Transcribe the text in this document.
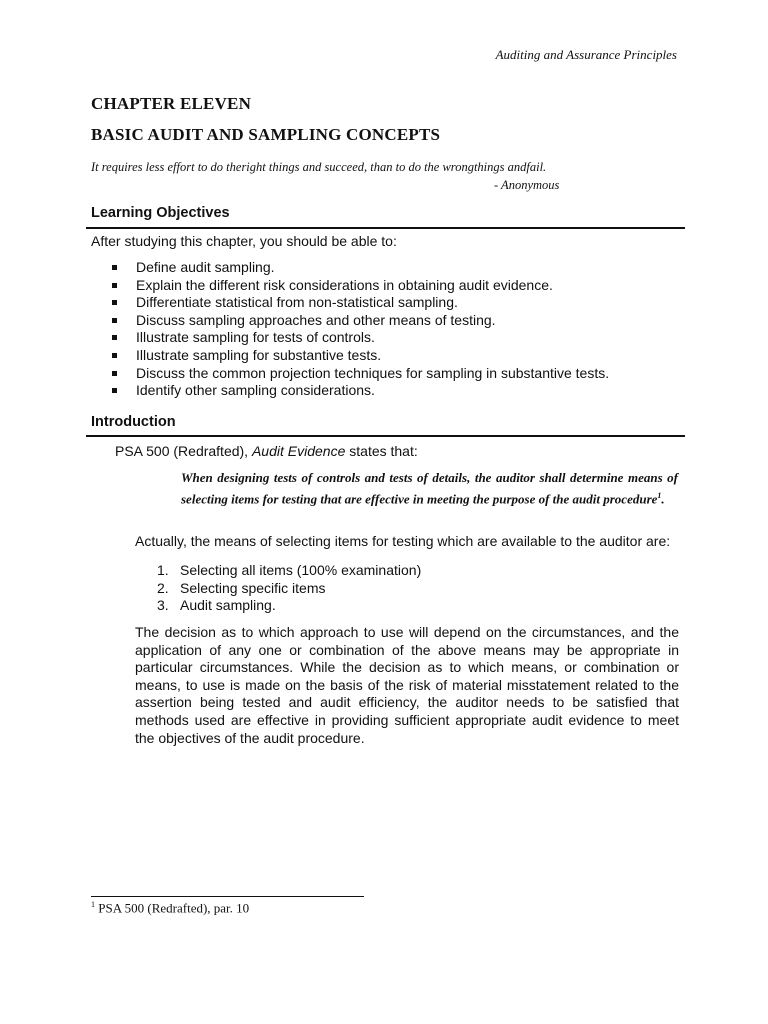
Auditing and Assurance Principles
CHAPTER ELEVEN
BASIC AUDIT AND SAMPLING CONCEPTS
It requires less effort to do theright things and succeed, than to do the wrongthings andfail.
- Anonymous
Learning Objectives
After studying this chapter, you should be able to:
Define audit sampling.
Explain the different risk considerations in obtaining audit evidence.
Differentiate statistical from non-statistical sampling.
Discuss sampling approaches and other means of testing.
Illustrate sampling for tests of controls.
Illustrate sampling for substantive tests.
Discuss the common projection techniques for sampling in substantive tests.
Identify other sampling considerations.
Introduction
PSA 500 (Redrafted), Audit Evidence states that:

When designing tests of controls and tests of details, the auditor shall determine means of selecting items for testing that are effective in meeting the purpose of the audit procedure$^1$.

Actually, the means of selecting items for testing which are available to the auditor are:
1. Selecting all items (100% examination)
2. Selecting specific items
3. Audit sampling.

The decision as to which approach to use will depend on the circumstances, and the application of any one or combination of the above means may be appropriate in particular circumstances. While the decision as to which means, or combination or means, to use is made on the basis of the risk of material misstatement related to the assertion being tested and audit efficiency, the auditor needs to be satisfied that methods used are effective in providing sufficient appropriate audit evidence to meet the objectives of the audit procedure.

$^1$ PSA 500 (Redrafted), par. 10
